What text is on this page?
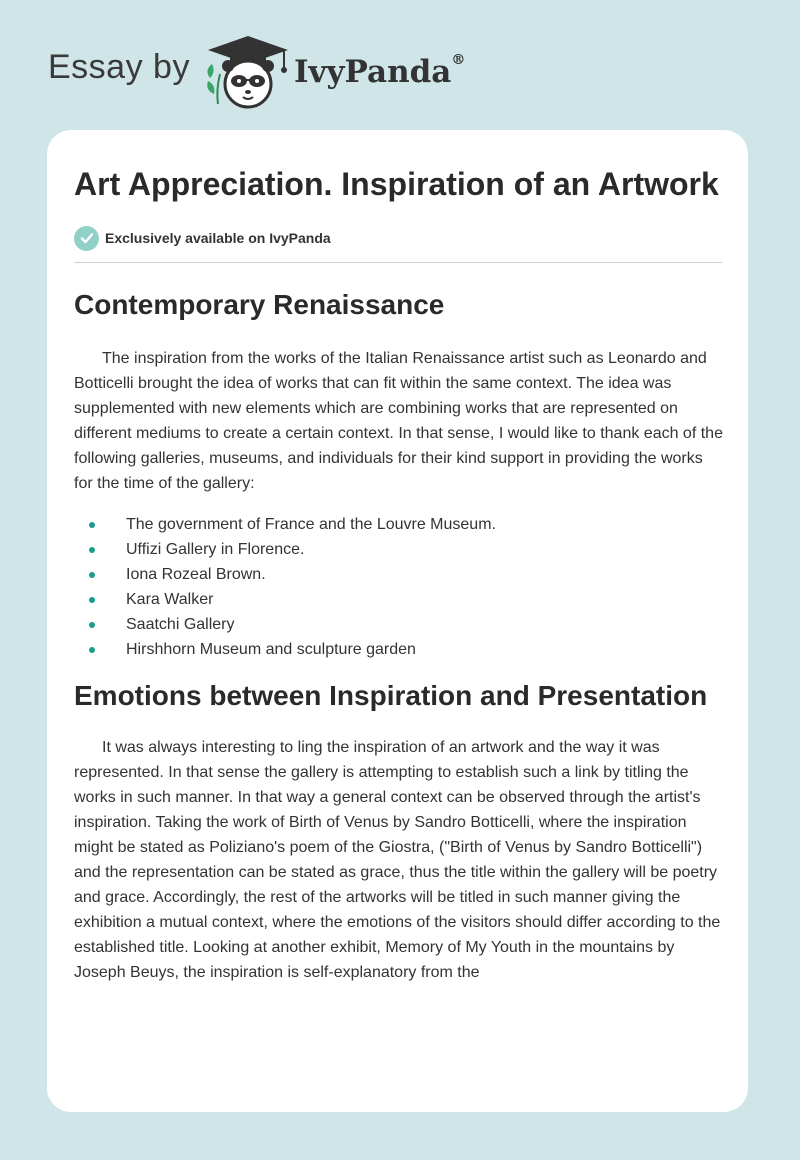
Essay by	IvyPanda®
Art Appreciation. Inspiration of an Artwork
Exclusively available on IvyPanda
Contemporary Renaissance

The inspiration from the works of the Italian Renaissance artist such as Leonardo and Botticelli brought the idea of works that can fit within the same context. The idea was supplemented with new elements which are combining works that are represented on different mediums to create a certain context. In that sense, I would like to thank each of the following galleries, museums, and individuals for their kind support in providing the works for the time of the gallery:

The government of France and the Louvre Museum.
Uffizi Gallery in Florence.
Iona Rozeal Brown.
Kara Walker
Saatchi Gallery
Hirshhorn Museum and sculpture garden
Emotions between Inspiration and Presentation

It was always interesting to ling the inspiration of an artwork and the way it was represented. In that sense the gallery is attempting to establish such a link by titling the works in such manner. In that way a general context can be observed through the artist's inspiration. Taking the work of Birth of Venus by Sandro Botticelli, where the inspiration might be stated as Poliziano's poem of the Giostra, ("Birth of Venus by Sandro Botticelli") and the representation can be stated as grace, thus the title within the gallery will be poetry and grace. Accordingly, the rest of the artworks will be titled in such manner giving the exhibition a mutual context, where the emotions of the visitors should differ according to the established title. Looking at another exhibit, Memory of My Youth in the mountains by Joseph Beuys, the inspiration is self-explanatory from the
